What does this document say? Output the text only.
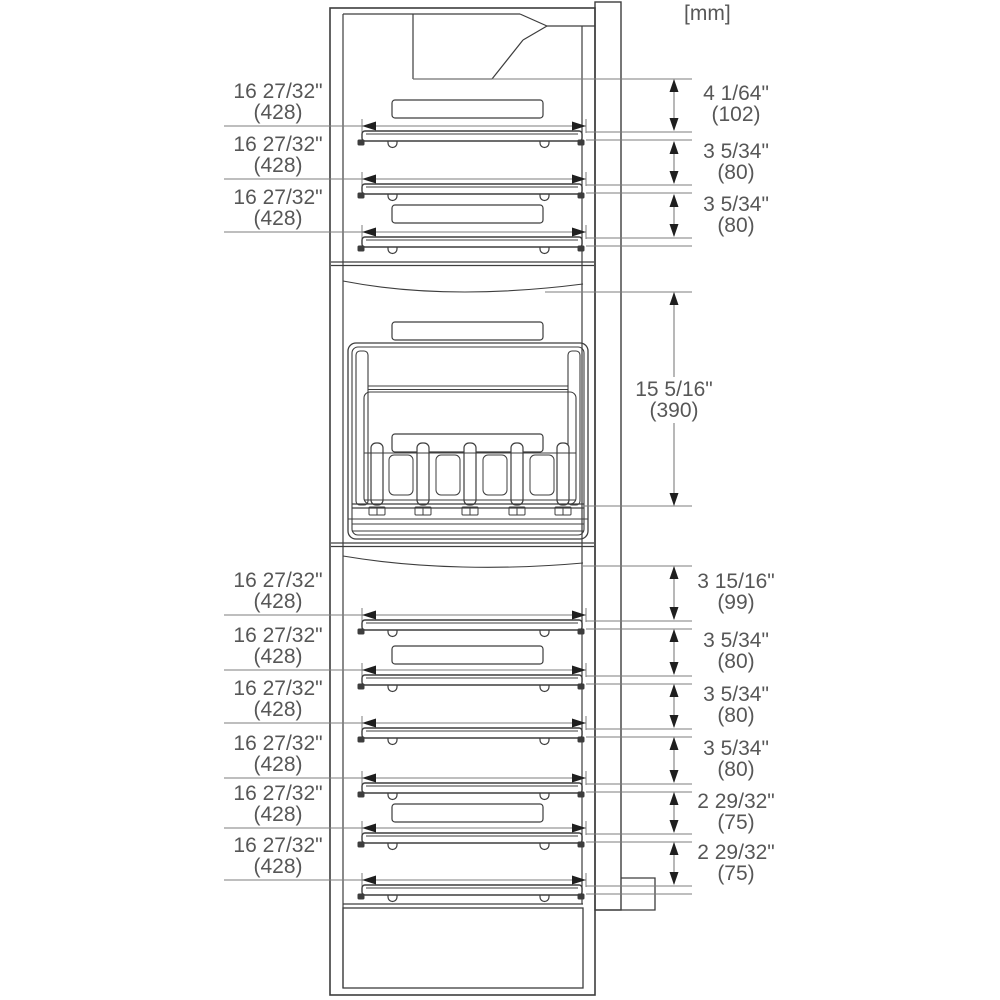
[mm]
16 27/32"
(428)
16 27/32"
(428)
16 27/32"
(428)
16 27/32"
(428)
16 27/32"
(428)
16 27/32"
(428)
16 27/32"
(428)
16 27/32"
(428)
16 27/32"
(428)
4 1/64"
(102)
3 5/34"
(80)
3 5/34"
(80)
15 5/16"
(390)
3 15/16"
(99)
3 5/34"
(80)
3 5/34"
(80)
3 5/34"
(80)
2 29/32"
(75)
2 29/32"
(75)
